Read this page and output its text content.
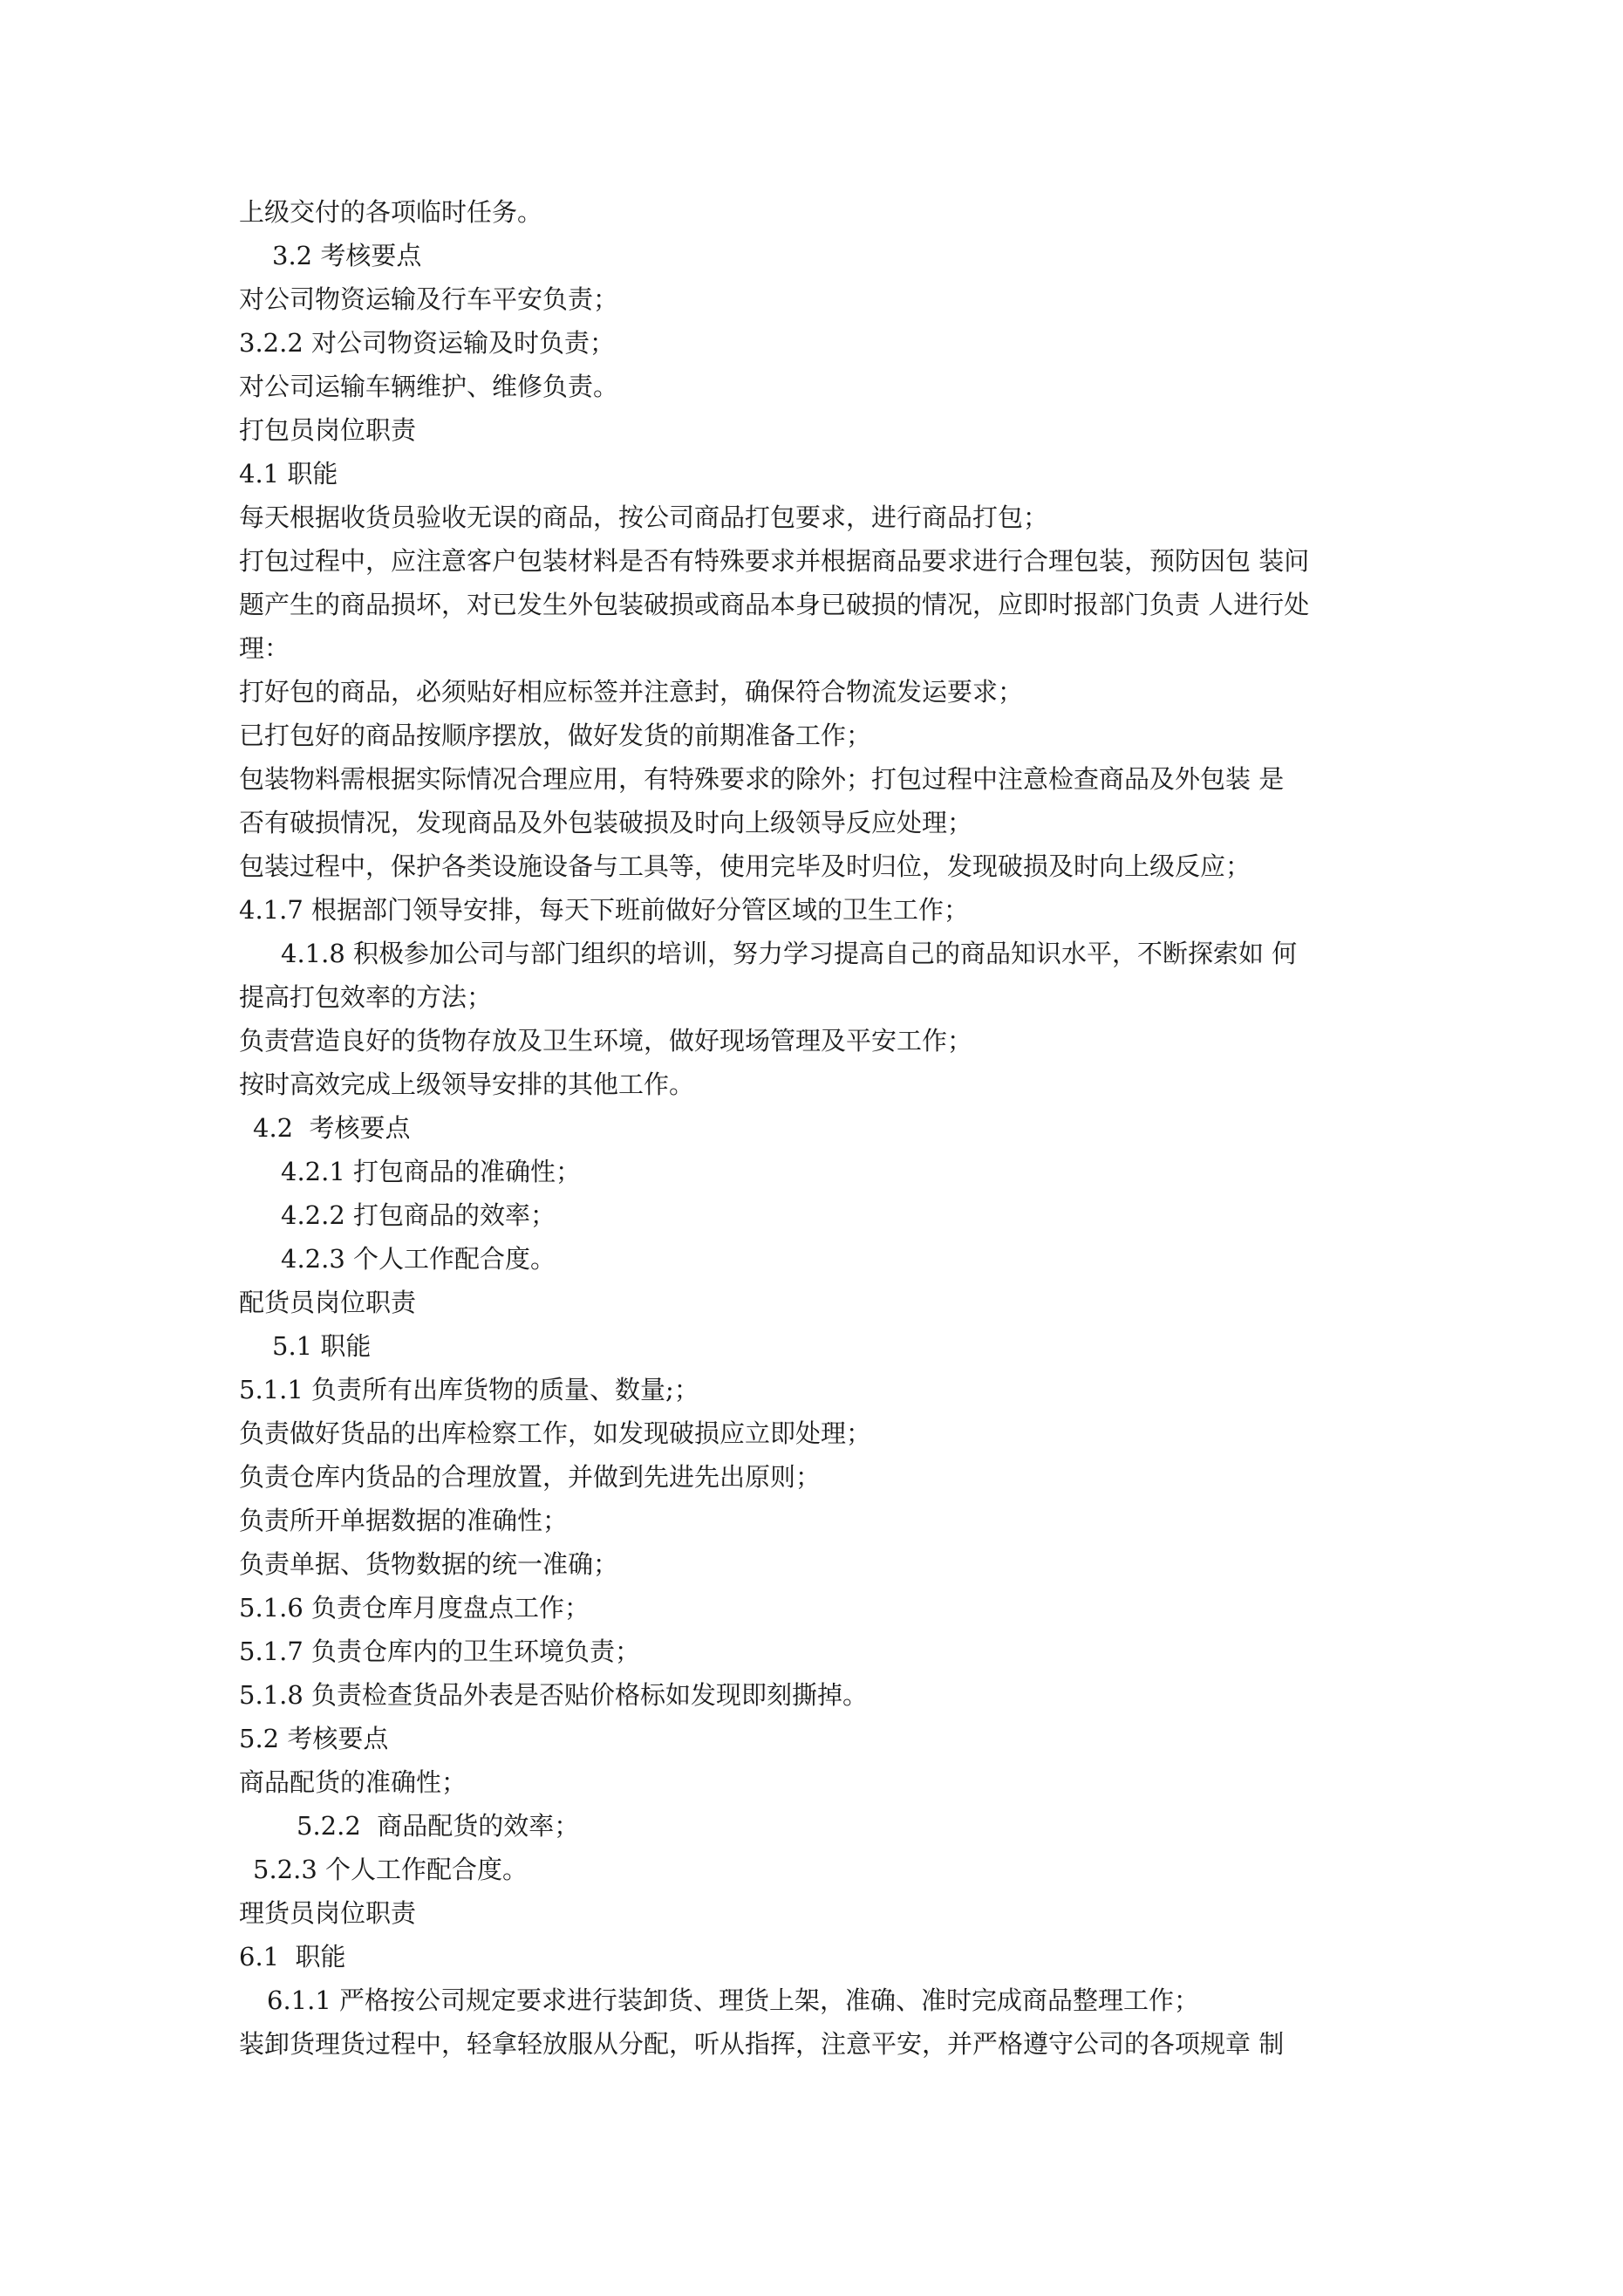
上级交付的各项临时任务。

3.2 考核要点

对公司物资运输及行车平安负责；

3.2.2 对公司物资运输及时负责；

对公司运输车辆维护、维修负责。

打包员岗位职责

4.1 职能

每天根据收货员验收无误的商品，按公司商品打包要求，进行商品打包；

打包过程中，应注意客户包装材料是否有特殊要求并根据商品要求进行合理包装，预防因包 装问

题产生的商品损坏，对已发生外包装破损或商品本身已破损的情况，应即时报部门负责 人进行处

理：

打好包的商品，必须贴好相应标签并注意封，确保符合物流发运要求；

已打包好的商品按顺序摆放，做好发货的前期准备工作；

包装物料需根据实际情况合理应用，有特殊要求的除外；打包过程中注意检查商品及外包装 是

否有破损情况，发现商品及外包装破损及时向上级领导反应处理；

包装过程中，保护各类设施设备与工具等，使用完毕及时归位，发现破损及时向上级反应；

4.1.7 根据部门领导安排，每天下班前做好分管区域的卫生工作；

4.1.8 积极参加公司与部门组织的培训，努力学习提高自己的商品知识水平，不断探索如 何

提高打包效率的方法；

负责营造良好的货物存放及卫生环境，做好现场管理及平安工作；

按时高效完成上级领导安排的其他工作。

4.2  考核要点

4.2.1 打包商品的准确性；

4.2.2 打包商品的效率；

4.2.3 个人工作配合度。

配货员岗位职责

5.1 职能

5.1.1 负责所有出库货物的质量、数量;；

负责做好货品的出库检察工作，如发现破损应立即处理；

负责仓库内货品的合理放置，并做到先进先出原则；

负责所开单据数据的准确性；

负责单据、货物数据的统一准确；

5.1.6 负责仓库月度盘点工作；

5.1.7 负责仓库内的卫生环境负责；

5.1.8 负责检查货品外表是否贴价格标如发现即刻撕掉。

5.2 考核要点

商品配货的准确性；

5.2.2  商品配货的效率；

5.2.3 个人工作配合度。

理货员岗位职责

6.1  职能

6.1.1 严格按公司规定要求进行装卸货、理货上架，准确、准时完成商品整理工作；

装卸货理货过程中，轻拿轻放服从分配，听从指挥，注意平安，并严格遵守公司的各项规章 制
